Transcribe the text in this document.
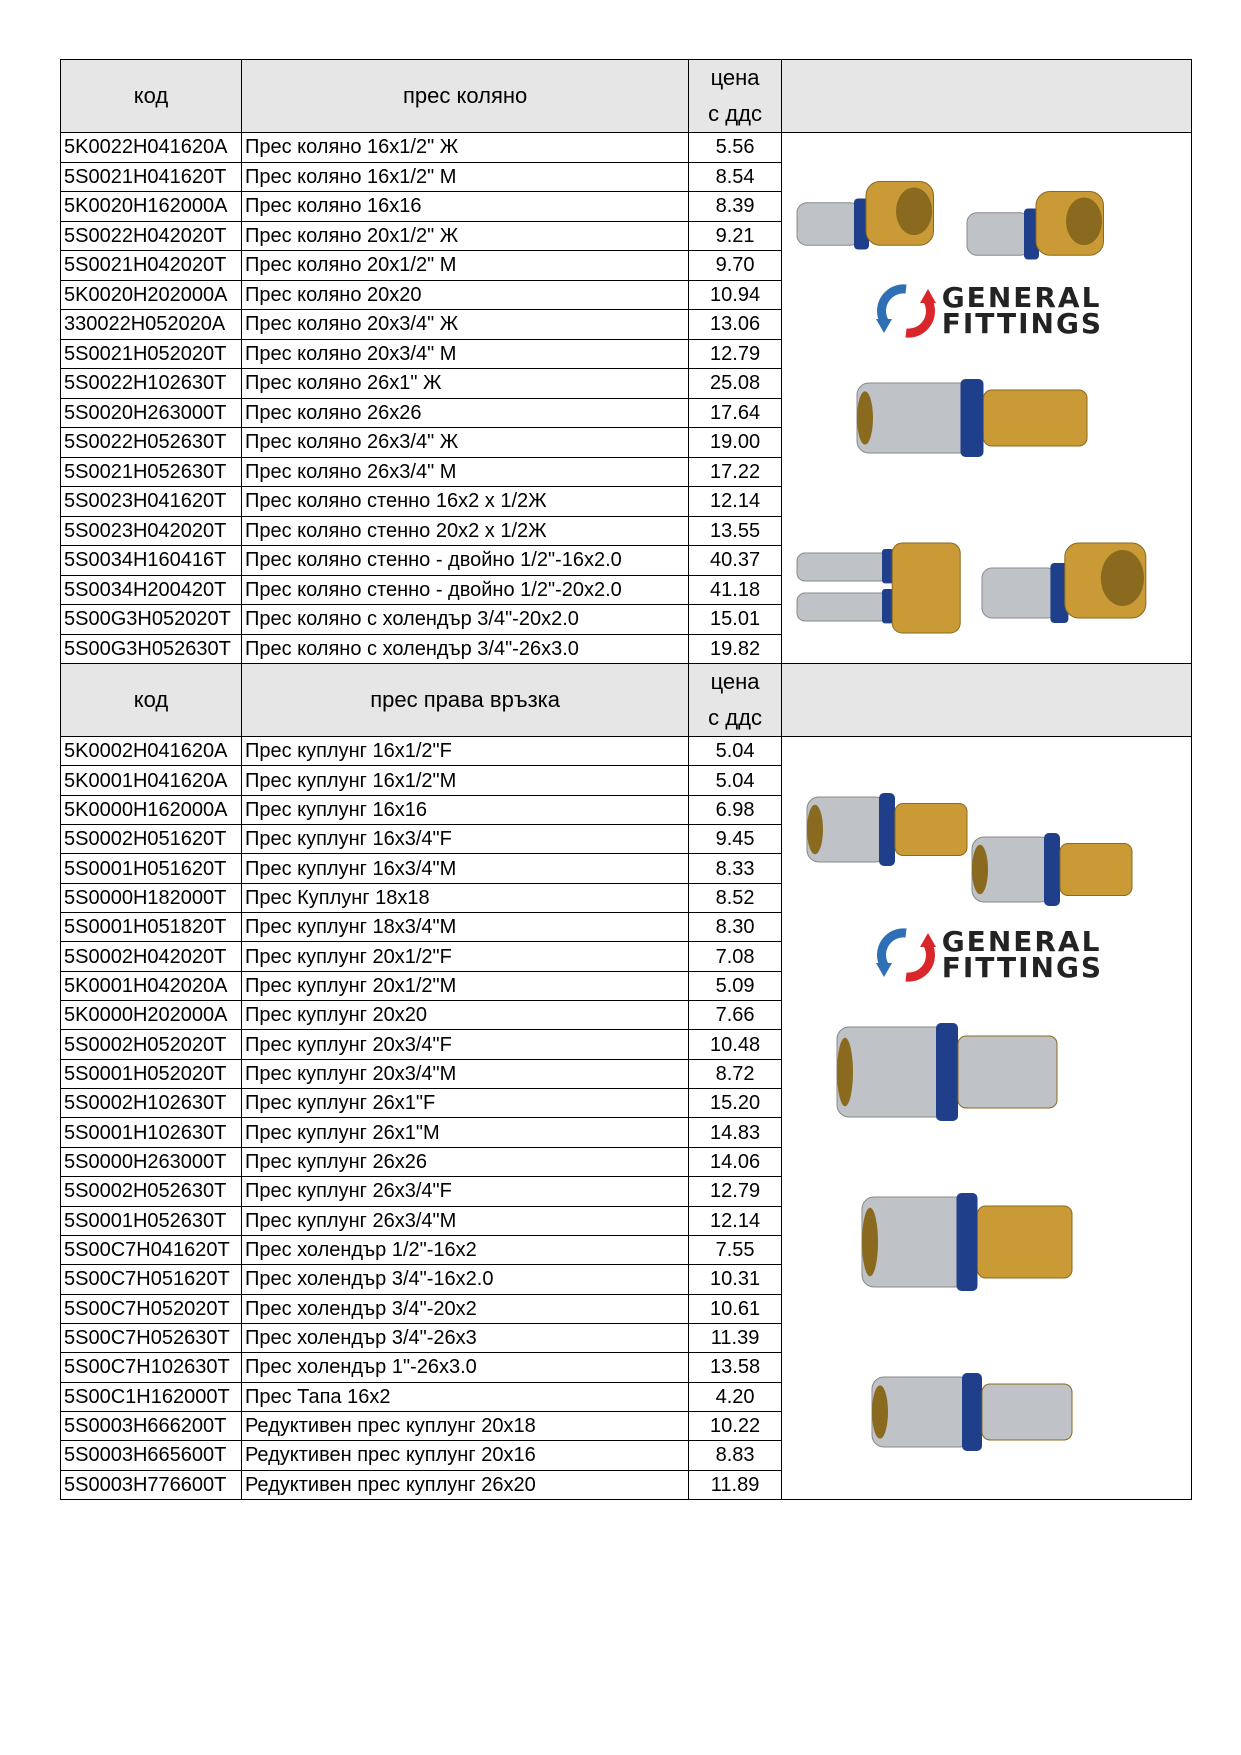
код	прес коляно	цена
с ддс	

5K0022H041620A	Прес коляно 16x1/2" Ж	5.56	GENERAL
FITTINGS

5S0021H041620T	Прес коляно 16x1/2" М	8.54	
5K0020H162000A	Прес коляно 16x16	8.39	
5S0022H042020T	Прес коляно 20x1/2" Ж	9.21	
5S0021H042020T	Прес коляно 20x1/2" М	9.70	
5K0020H202000A	Прес коляно 20x20	10.94	
330022H052020A	Прес коляно 20x3/4" Ж	13.06	
5S0021H052020T	Прес коляно 20x3/4" М	12.79	
5S0022H102630T	Прес коляно 26x1" Ж	25.08	
5S0020H263000T	Прес коляно 26x26	17.64	
5S0022H052630T	Прес коляно 26x3/4" Ж	19.00	
5S0021H052630T	Прес коляно 26x3/4" М	17.22	
5S0023H041620T	Прес коляно стенно 16x2 x 1/2Ж	12.14	
5S0023H042020T	Прес коляно стенно 20x2 x 1/2Ж	13.55	
5S0034H160416T	Прес коляно стенно - двойно 1/2"-16x2.0	40.37	
5S0034H200420T	Прес коляно стенно - двойно 1/2"-20x2.0	41.18	
5S00G3H052020T	Прес коляно с холендър 3/4"-20x2.0	15.01	
5S00G3H052630T	Прес коляно с холендър 3/4"-26x3.0	19.82	
код	прес права връзка	цена
с ддс	

5K0002H041620A	Прес куплунг 16x1/2"F	5.04	GENERAL
FITTINGS

5K0001H041620A	Прес куплунг 16x1/2"M	5.04	
5K0000H162000A	Прес куплунг 16x16	6.98	
5S0002H051620T	Прес куплунг 16x3/4"F	9.45	
5S0001H051620T	Прес куплунг 16x3/4"M	8.33	
5S0000H182000T	Прес Куплунг 18x18	8.52	
5S0001H051820T	Прес куплунг 18x3/4"M	8.30	
5S0002H042020T	Прес куплунг 20x1/2"F	7.08	
5K0001H042020A	Прес куплунг 20x1/2"M	5.09	
5K0000H202000A	Прес куплунг 20x20	7.66	
5S0002H052020T	Прес куплунг 20x3/4"F	10.48	
5S0001H052020T	Прес куплунг 20x3/4"M	8.72	
5S0002H102630T	Прес куплунг 26x1"F	15.20	
5S0001H102630T	Прес куплунг 26x1"M	14.83	
5S0000H263000T	Прес куплунг 26x26	14.06	
5S0002H052630T	Прес куплунг 26x3/4"F	12.79	
5S0001H052630T	Прес куплунг 26x3/4"M	12.14	
5S00C7H041620T	Прес холендър 1/2"-16x2	7.55	
5S00C7H051620T	Прес холендър 3/4"-16x2.0	10.31	
5S00C7H052020T	Прес холендър 3/4"-20x2	10.61	
5S00C7H052630T	Прес холендър 3/4"-26x3	11.39	
5S00C7H102630T	Прес холендър 1"-26x3.0	13.58	
5S00C1H162000T	Прес Тапа 16x2	4.20	
5S0003H666200T	Редуктивен прес куплунг 20x18	10.22	
5S0003H665600T	Редуктивен прес куплунг 20x16	8.83	
5S0003H776600T	Редуктивен прес куплунг 26x20	11.89	
